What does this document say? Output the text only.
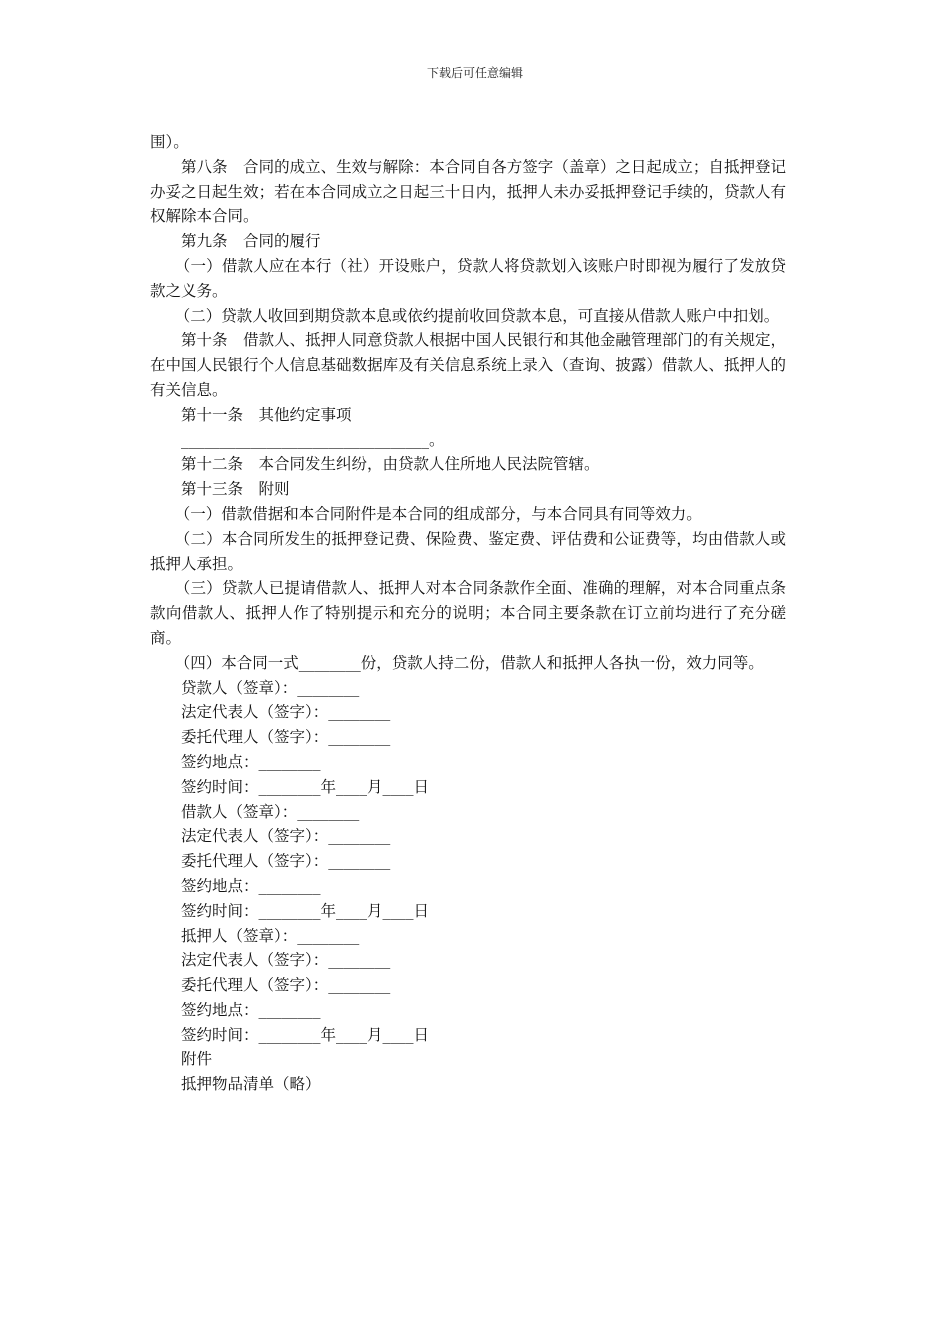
下载后可任意编辑

围）。

第八条　合同的成立、生效与解除：本合同自各方签字（盖章）之日起成立；自抵押登记办妥之日起生效；若在本合同成立之日起三十日内，抵押人未办妥抵押登记手续的，贷款人有权解除本合同。

第九条　合同的履行

（一）借款人应在本行（社）开设账户，贷款人将贷款划入该账户时即视为履行了发放贷款之义务。

（二）贷款人收回到期贷款本息或依约提前收回贷款本息，可直接从借款人账户中扣划。

第十条　借款人、抵押人同意贷款人根据中国人民银行和其他金融管理部门的有关规定，在中国人民银行个人信息基础数据库及有关信息系统上录入（查询、披露）借款人、抵押人的有关信息。

第十一条　其他约定事项

________________________________。

第十二条　本合同发生纠纷，由贷款人住所地人民法院管辖。

第十三条　附则

（一）借款借据和本合同附件是本合同的组成部分，与本合同具有同等效力。

（二）本合同所发生的抵押登记费、保险费、鉴定费、评估费和公证费等，均由借款人或抵押人承担。

（三）贷款人已提请借款人、抵押人对本合同条款作全面、准确的理解，对本合同重点条款向借款人、抵押人作了特别提示和充分的说明；本合同主要条款在订立前均进行了充分磋商。

（四）本合同一式________份，贷款人持二份，借款人和抵押人各执一份，效力同等。

贷款人（签章）：________

法定代表人（签字）：________

委托代理人（签字）：________

签约地点：________

签约时间：________年____月____日

借款人（签章）：________

法定代表人（签字）：________

委托代理人（签字）：________

签约地点：________

签约时间：________年____月____日

抵押人（签章）：________

法定代表人（签字）：________

委托代理人（签字）：________

签约地点：________

签约时间：________年____月____日

附件

抵押物品清单（略）
